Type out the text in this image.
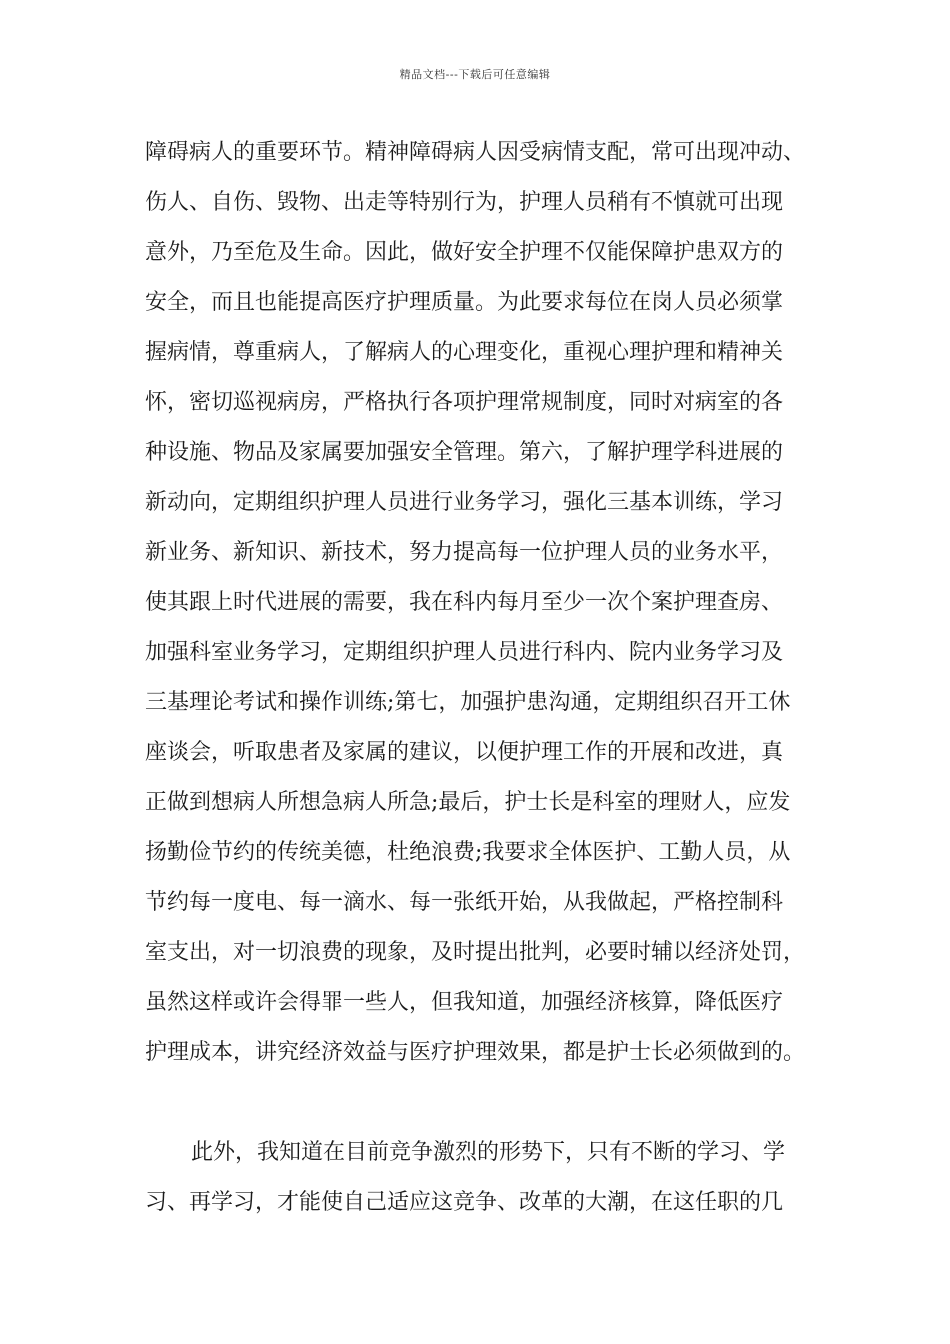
精品文档---下载后可任意编辑
障碍病人的重要环节。精神障碍病人因受病情支配，常可出现冲动、
伤人、自伤、毁物、出走等特别行为，护理人员稍有不慎就可出现
意外，乃至危及生命。因此，做好安全护理不仅能保障护患双方的
安全，而且也能提高医疗护理质量。为此要求每位在岗人员必须掌
握病情，尊重病人，了解病人的心理变化，重视心理护理和精神关
怀，密切巡视病房，严格执行各项护理常规制度，同时对病室的各
种设施、物品及家属要加强安全管理。第六，了解护理学科进展的
新动向，定期组织护理人员进行业务学习，强化三基本训练，学习
新业务、新知识、新技术，努力提高每一位护理人员的业务水平，
使其跟上时代进展的需要，我在科内每月至少一次个案护理查房、
加强科室业务学习，定期组织护理人员进行科内、院内业务学习及
三基理论考试和操作训练;第七，加强护患沟通，定期组织召开工休
座谈会，听取患者及家属的建议，以便护理工作的开展和改进，真
正做到想病人所想急病人所急;最后，护士长是科室的理财人，应发
扬勤俭节约的传统美德，杜绝浪费;我要求全体医护、工勤人员，从
节约每一度电、每一滴水、每一张纸开始，从我做起，严格控制科
室支出，对一切浪费的现象，及时提出批判，必要时辅以经济处罚，
虽然这样或许会得罪一些人，但我知道，加强经济核算，降低医疗
护理成本，讲究经济效益与医疗护理效果，都是护士长必须做到的。
此外，我知道在目前竞争激烈的形势下，只有不断的学习、学
习、再学习，才能使自己适应这竞争、改革的大潮，在这任职的几
